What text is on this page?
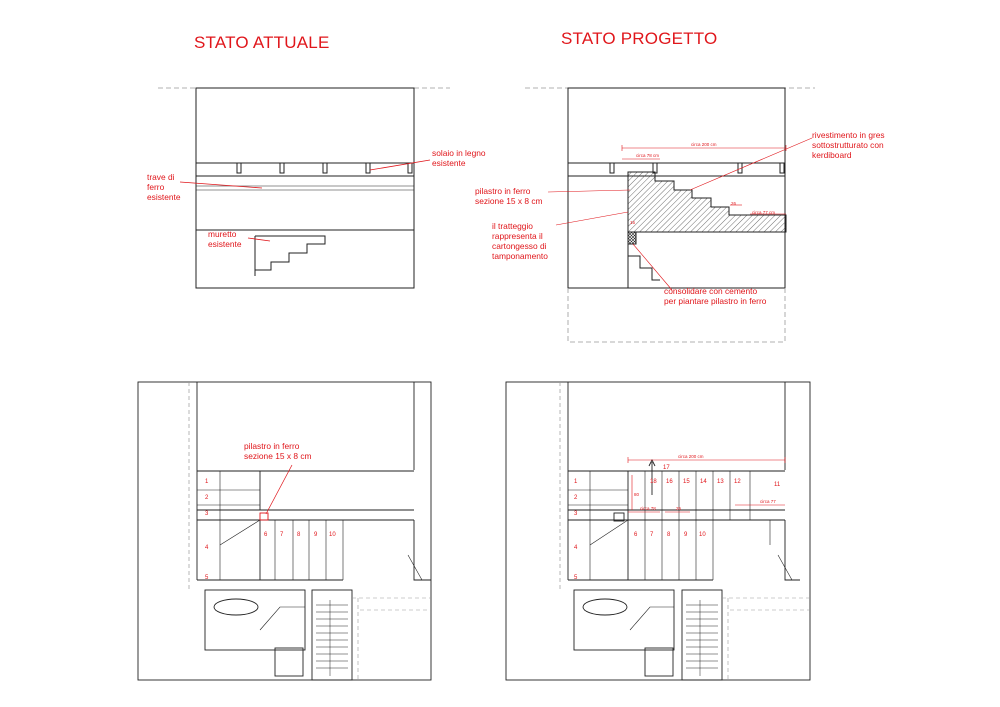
STATO ATTUALE	STATO PROGETTO
solaio in legno
esistente
trave di
ferro
esistente
muretto
esistente
rivestimento in gres
sottostrutturato con
kerdiboard
pilastro in ferro
sezione 15 x 8 cm
il tratteggio
rappresenta il
cartongesso di
tamponamento
consolidare con cemento
per piantare pilastro in ferro
circa 200 cm
circa 78 cm
circa 77 cm
26
15
pilastro in ferro
sezione 15 x 8 cm
1
2
3
4
5
6 7 8 9 10
circa 200 cm
circa 78	26
circa 77
80
17
18 16 15 14 13 12	11
6 7 8 9 10
1
2
3
4
5
